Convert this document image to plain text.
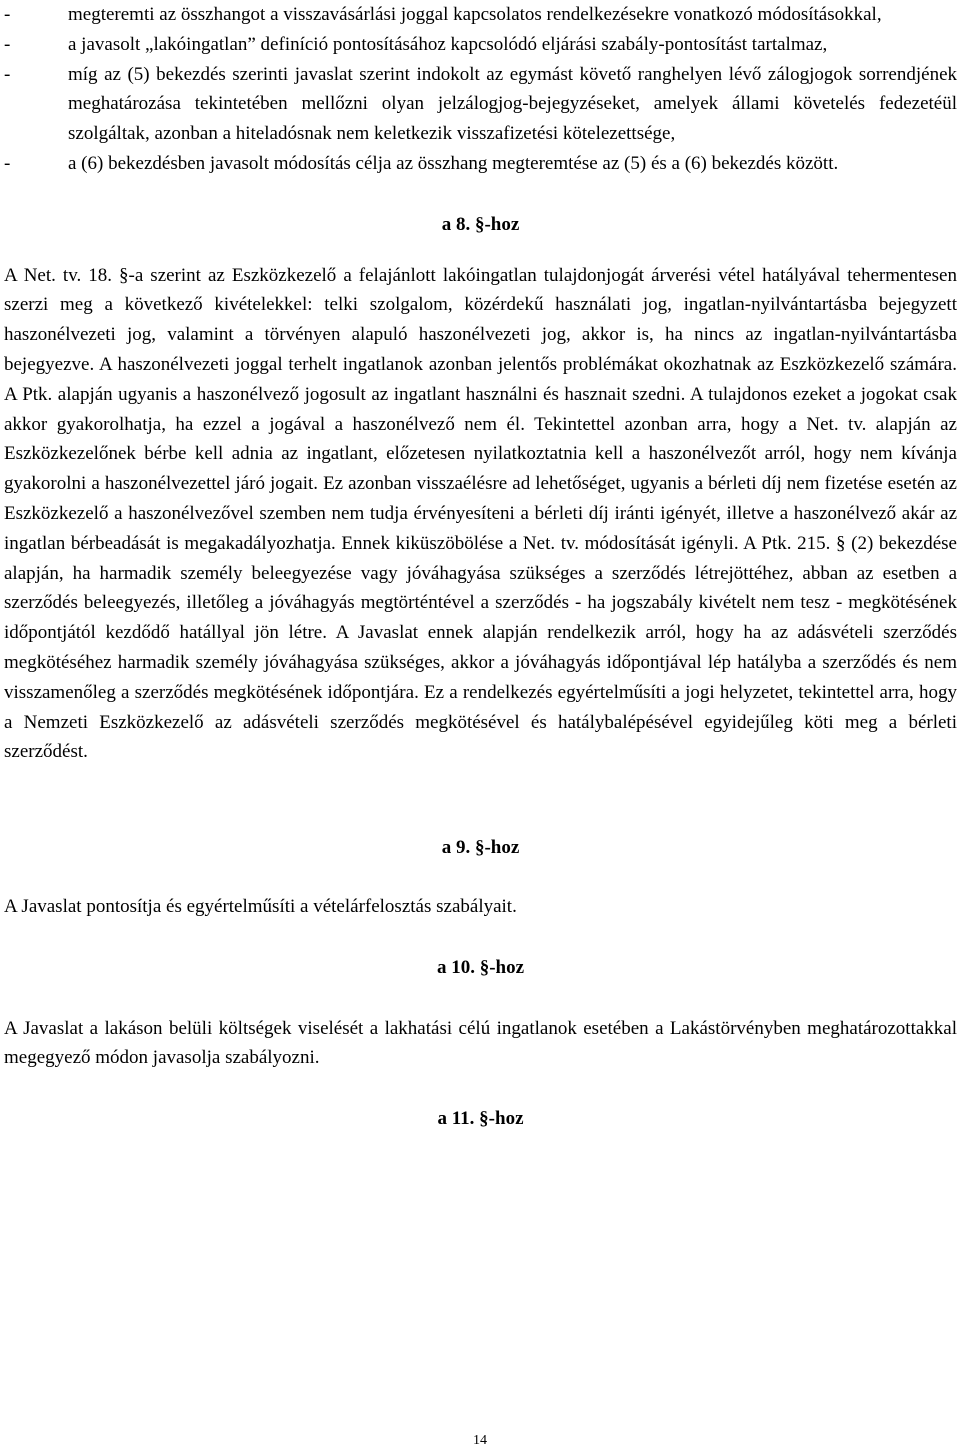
-	megteremti az összhangot a visszavásárlási joggal kapcsolatos rendelkezésekre vonatkozó módosításokkal,
-	a javasolt „lakóingatlan” definíció pontosításához kapcsolódó eljárási szabály-pontosítást tartalmaz,
-	míg az (5) bekezdés szerinti javaslat szerint indokolt az egymást követő ranghelyen lévő zálogjogok sorrendjének meghatározása tekintetében mellőzni olyan jelzálogjog-bejegyzéseket, amelyek állami követelés fedezetéül szolgáltak, azonban a hiteladósnak nem keletkezik visszafizetési kötelezettsége,
-	a (6) bekezdésben javasolt módosítás célja az összhang megteremtése az (5) és a (6) bekezdés között.
a 8. §-hoz

A Net. tv. 18. §-a szerint az Eszközkezelő a felajánlott lakóingatlan tulajdonjogát árverési vétel hatályával tehermentesen szerzi meg a következő kivételekkel: telki szolgalom, közérdekű használati jog, ingatlan-nyilvántartásba bejegyzett haszonélvezeti jog, valamint a törvényen alapuló haszonélvezeti jog, akkor is, ha nincs az ingatlan-nyilvántartásba bejegyezve. A haszonélvezeti joggal terhelt ingatlanok azonban jelentős problémákat okozhatnak az Eszközkezelő számára. A Ptk. alapján ugyanis a haszonélvező jogosult az ingatlant használni és hasznait szedni. A tulajdonos ezeket a jogokat csak akkor gyakorolhatja, ha ezzel a jogával a haszonélvező nem él. Tekintettel azonban arra, hogy a Net. tv. alapján az Eszközkezelőnek bérbe kell adnia az ingatlant, előzetesen nyilatkoztatnia kell a haszonélvezőt arról, hogy nem kívánja gyakorolni a haszonélvezettel járó jogait. Ez azonban visszaélésre ad lehetőséget, ugyanis a bérleti díj nem fizetése esetén az Eszközkezelő a haszonélvezővel szemben nem tudja érvényesíteni a bérleti díj iránti igényét, illetve a haszonélvező akár az ingatlan bérbeadását is megakadályozhatja. Ennek kiküszöbölése a Net. tv. módosítását igényli. A Ptk. 215. § (2) bekezdése alapján, ha harmadik személy beleegyezése vagy jóváhagyása szükséges a szerződés létrejöttéhez, abban az esetben a szerződés beleegyezés, illetőleg a jóváhagyás megtörténtével a szerződés - ha jogszabály kivételt nem tesz - megkötésének időpontjától kezdődő hatállyal jön létre. A Javaslat ennek alapján rendelkezik arról, hogy ha az adásvételi szerződés megkötéséhez harmadik személy jóváhagyása szükséges, akkor a jóváhagyás időpontjával lép hatályba a szerződés és nem visszamenőleg a szerződés megkötésének időpontjára. Ez a rendelkezés egyértelműsíti a jogi helyzetet, tekintettel arra, hogy a Nemzeti Eszközkezelő az adásvételi szerződés megkötésével és hatálybalépésével egyidejűleg köti meg a bérleti szerződést.

a 9. §-hoz

A Javaslat pontosítja és egyértelműsíti a vételárfelosztás szabályait.

a 10. §-hoz

A Javaslat a lakáson belüli költségek viselését a lakhatási célú ingatlanok esetében a Lakástörvényben meghatározottakkal megegyező módon javasolja szabályozni.

a 11. §-hoz
14
